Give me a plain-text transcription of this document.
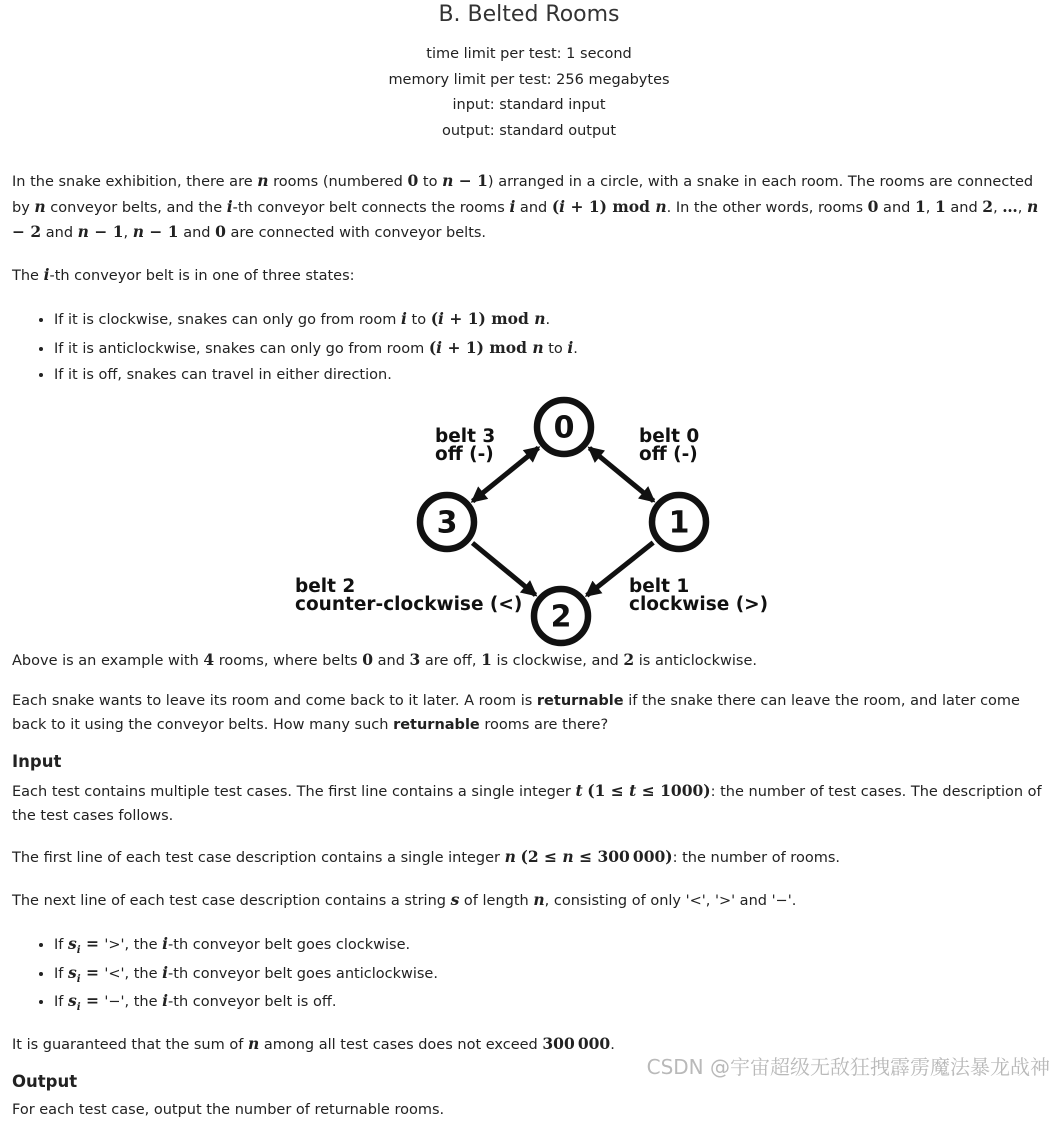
B. Belted Rooms
time limit per test: 1 second
memory limit per test: 256 megabytes
input: standard input
output: standard output

In the snake exhibition, there are n rooms (numbered 0 to n − 1) arranged in a circle, with a snake in each room. The rooms are connected by n conveyor belts, and the i-th conveyor belt connects the rooms i and (i + 1) mod n. In the other words, rooms 0 and 1, 1 and 2, …, n − 2 and n − 1, n − 1 and 0 are connected with conveyor belts.

The i-th conveyor belt is in one of three states:

• If it is clockwise, snakes can only go from room i to (i + 1) mod n.
• If it is anticlockwise, snakes can only go from room (i + 1) mod n to i.
• If it is off, snakes can travel in either direction.
0
1
2
3
belt 3
off (-)
belt 0
off (-)
belt 2
counter-clockwise (<)
belt 1
clockwise (>)

Above is an example with 4 rooms, where belts 0 and 3 are off, 1 is clockwise, and 2 is anticlockwise.

Each snake wants to leave its room and come back to it later. A room is returnable if the snake there can leave the room, and later come back to it using the conveyor belts. How many such returnable rooms are there?

Input

Each test contains multiple test cases. The first line contains a single integer t (1 ≤ t ≤ 1000): the number of test cases. The description of the test cases follows.

The first line of each test case description contains a single integer n (2 ≤ n ≤ 300 000): the number of rooms.

The next line of each test case description contains a string s of length n, consisting of only '<', '>' and '−'.

• If $s_i$ = '>', the i-th conveyor belt goes clockwise.
• If $s_i$ = '<', the i-th conveyor belt goes anticlockwise.
• If $s_i$ = '−', the i-th conveyor belt is off.

It is guaranteed that the sum of n among all test cases does not exceed 300 000.

Output

For each test case, output the number of returnable rooms.

CSDN @宇宙超级无敌狂拽霹雳魔法暴龙战神
